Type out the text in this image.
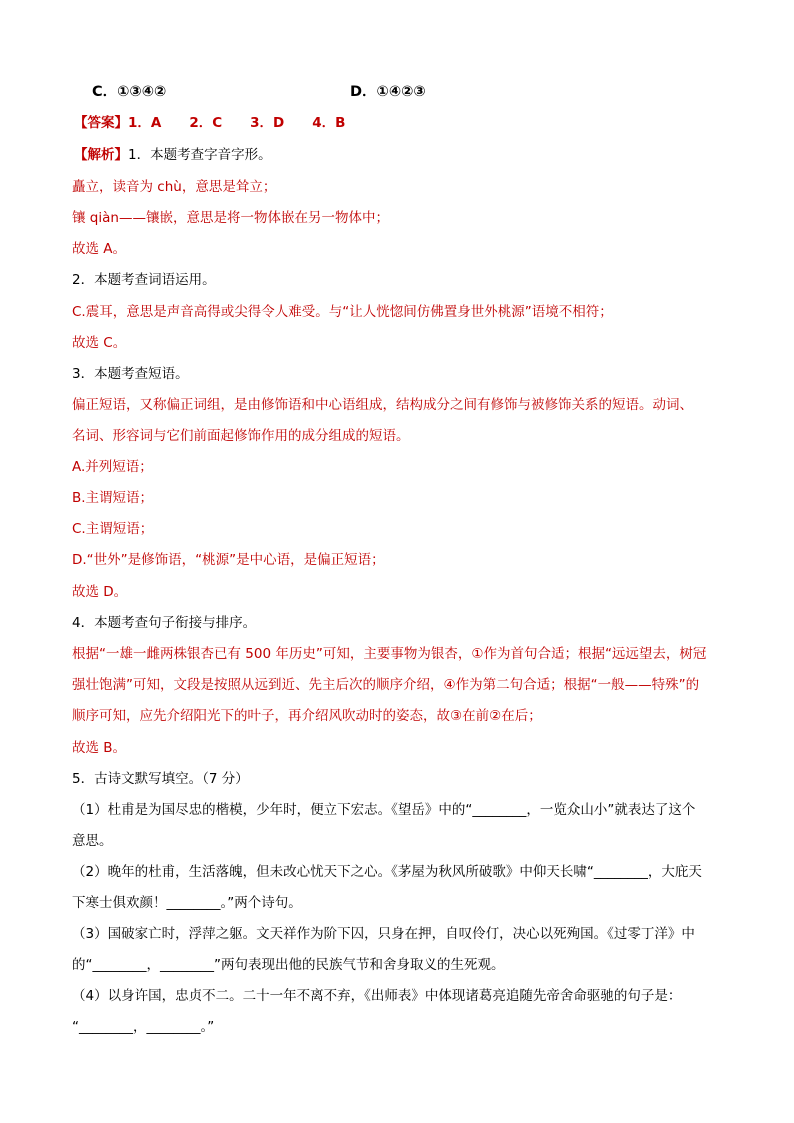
C．①③④②	D．①④②③
【答案】1．A 2．C 3．D 4．B
【解析】1．本题考查字音字形。
矗立，读音为 chù，意思是耸立；
镶 qiàn——镶嵌，意思是将一物体嵌在另一物体中；
故选 A。
2．本题考查词语运用。
C.震耳，意思是声音高得或尖得令人难受。与“让人恍惚间仿佛置身世外桃源”语境不相符；
故选 C。
3．本题考查短语。
偏正短语，又称偏正词组，是由修饰语和中心语组成，结构成分之间有修饰与被修饰关系的短语。动词、
名词、形容词与它们前面起修饰作用的成分组成的短语。
A.并列短语；
B.主谓短语；
C.主谓短语；
D.“世外”是修饰语，“桃源”是中心语，是偏正短语；
故选 D。
4．本题考查句子衔接与排序。
根据“一雄一雌两株银杏已有 500 年历史”可知，主要事物为银杏，①作为首句合适；根据“远远望去，树冠
强壮饱满”可知，文段是按照从远到近、先主后次的顺序介绍，④作为第二句合适；根据“一般——特殊”的
顺序可知，应先介绍阳光下的叶子，再介绍风吹动时的姿态，故③在前②在后；
故选 B。
5．古诗文默写填空。（7 分）
（1）杜甫是为国尽忠的楷模，少年时，便立下宏志。《望岳》中的“________，一览众山小”就表达了这个
意思。
（2）晚年的杜甫，生活落魄，但未改心忧天下之心。《茅屋为秋风所破歌》中仰天长啸“________，大庇天
下寒士俱欢颜！________。”两个诗句。
（3）国破家亡时，浮萍之躯。文天祥作为阶下囚，只身在押，自叹伶仃，决心以死殉国。《过零丁洋》中
的“________，________”两句表现出他的民族气节和舍身取义的生死观。
（4）以身许国，忠贞不二。二十一年不离不弃，《出师表》中体现诸葛亮追随先帝舍命驱驰的句子是：
“________，________。”
